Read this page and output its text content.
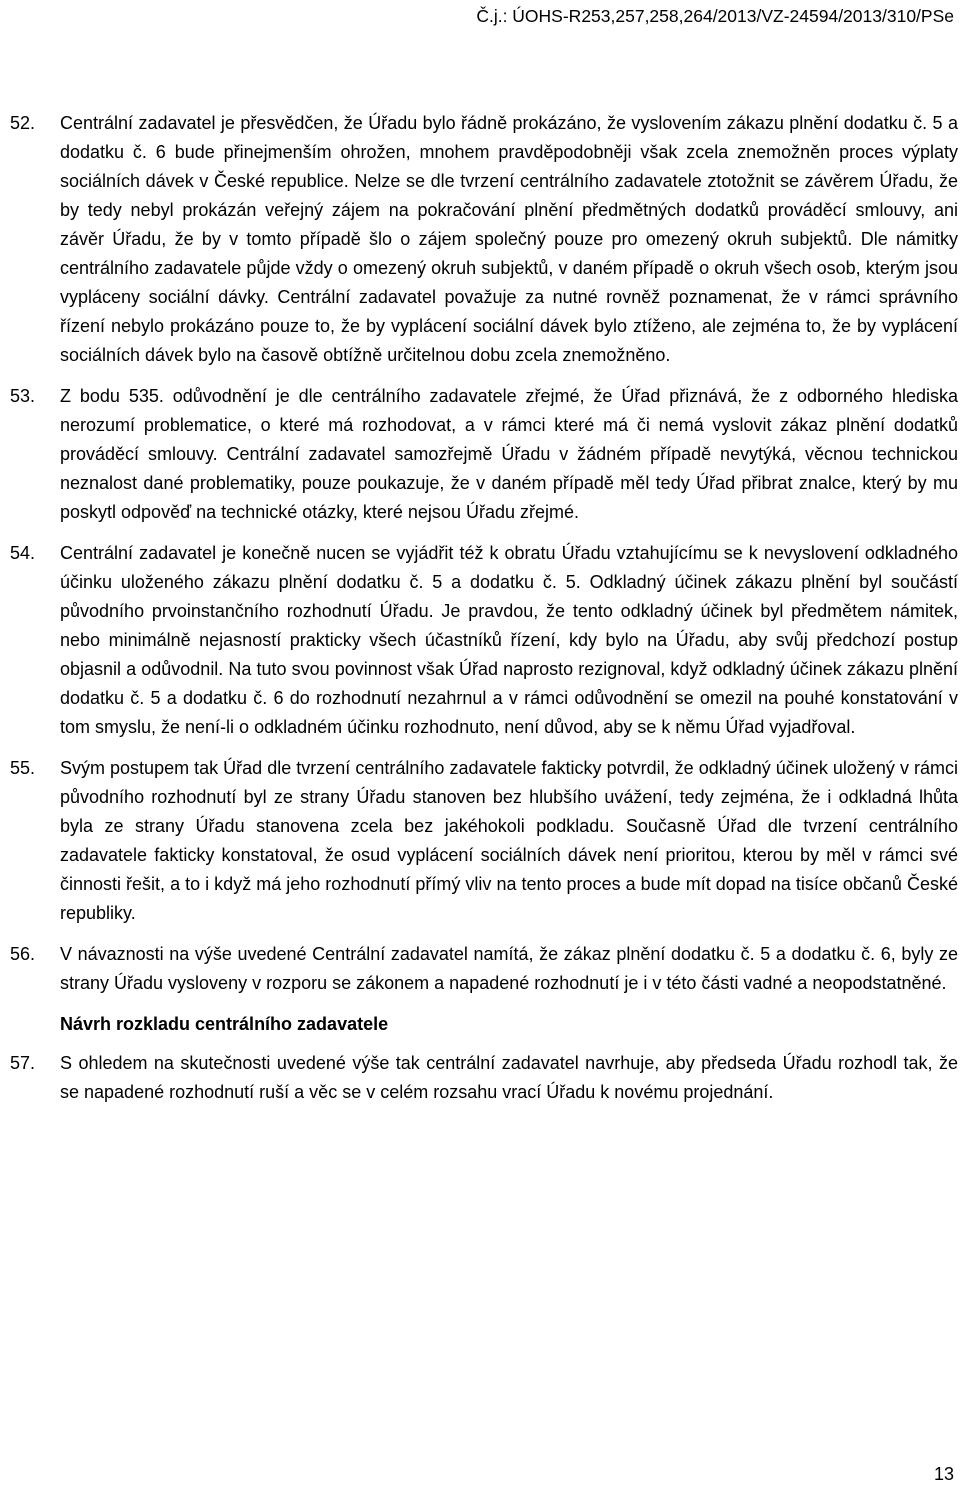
Č.j.: ÚOHS-R253,257,258,264/2013/VZ-24594/2013/310/PSe
52.	Centrální zadavatel je přesvědčen, že Úřadu bylo řádně prokázáno, že vyslovením zákazu plnění dodatku č. 5 a dodatku č. 6 bude přinejmenším ohrožen, mnohem pravděpodobněji však zcela znemožněn proces výplaty sociálních dávek v České republice. Nelze se dle tvrzení centrálního zadavatele ztotožnit se závěrem Úřadu, že by tedy nebyl prokázán veřejný zájem na pokračování plnění předmětných dodatků prováděcí smlouvy, ani závěr Úřadu, že by v tomto případě šlo o zájem společný pouze pro omezený okruh subjektů. Dle námitky centrálního zadavatele půjde vždy o omezený okruh subjektů, v daném případě o okruh všech osob, kterým jsou vypláceny sociální dávky. Centrální zadavatel považuje za nutné rovněž poznamenat, že v rámci správního řízení nebylo prokázáno pouze to, že by vyplácení sociální dávek bylo ztíženo, ale zejména to, že by vyplácení sociálních dávek bylo na časově obtížně určitelnou dobu zcela znemožněno.
53.	Z bodu 535. odůvodnění je dle centrálního zadavatele zřejmé, že Úřad přiznává, že z odborného hlediska nerozumí problematice, o které má rozhodovat, a v rámci které má či nemá vyslovit zákaz plnění dodatků prováděcí smlouvy. Centrální zadavatel samozřejmě Úřadu v žádném případě nevytýká, věcnou technickou neznalost dané problematiky, pouze poukazuje, že v daném případě měl tedy Úřad přibrat znalce, který by mu poskytl odpověď na technické otázky, které nejsou Úřadu zřejmé.
54.	Centrální zadavatel je konečně nucen se vyjádřit též k obratu Úřadu vztahujícímu se k nevyslovení odkladného účinku uloženého zákazu plnění dodatku č. 5 a dodatku č. 5. Odkladný účinek zákazu plnění byl součástí původního prvoinstančního rozhodnutí Úřadu. Je pravdou, že tento odkladný účinek byl předmětem námitek, nebo minimálně nejasností prakticky všech účastníků řízení, kdy bylo na Úřadu, aby svůj předchozí postup objasnil a odůvodnil. Na tuto svou povinnost však Úřad naprosto rezignoval, když odkladný účinek zákazu plnění dodatku č. 5 a dodatku č. 6 do rozhodnutí nezahrnul a v rámci odůvodnění se omezil na pouhé konstatování v tom smyslu, že není-li o odkladném účinku rozhodnuto, není důvod, aby se k němu Úřad vyjadřoval.
55.	Svým postupem tak Úřad dle tvrzení centrálního zadavatele fakticky potvrdil, že odkladný účinek uložený v rámci původního rozhodnutí byl ze strany Úřadu stanoven bez hlubšího uvážení, tedy zejména, že i odkladná lhůta byla ze strany Úřadu stanovena zcela bez jakéhokoli podkladu. Současně Úřad dle tvrzení centrálního zadavatele fakticky konstatoval, že osud vyplácení sociálních dávek není prioritou, kterou by měl v rámci své činnosti řešit, a to i když má jeho rozhodnutí přímý vliv na tento proces a bude mít dopad na tisíce občanů České republiky.
56.	V návaznosti na výše uvedené Centrální zadavatel namítá, že zákaz plnění dodatku č. 5 a dodatku č. 6, byly ze strany Úřadu vysloveny v rozporu se zákonem a napadené rozhodnutí je i v této části vadné a neopodstatněné.
Návrh rozkladu centrálního zadavatele
57.	S ohledem na skutečnosti uvedené výše tak centrální zadavatel navrhuje, aby předseda Úřadu rozhodl tak, že se napadené rozhodnutí ruší a věc se v celém rozsahu vrací Úřadu k novému projednání.
13
